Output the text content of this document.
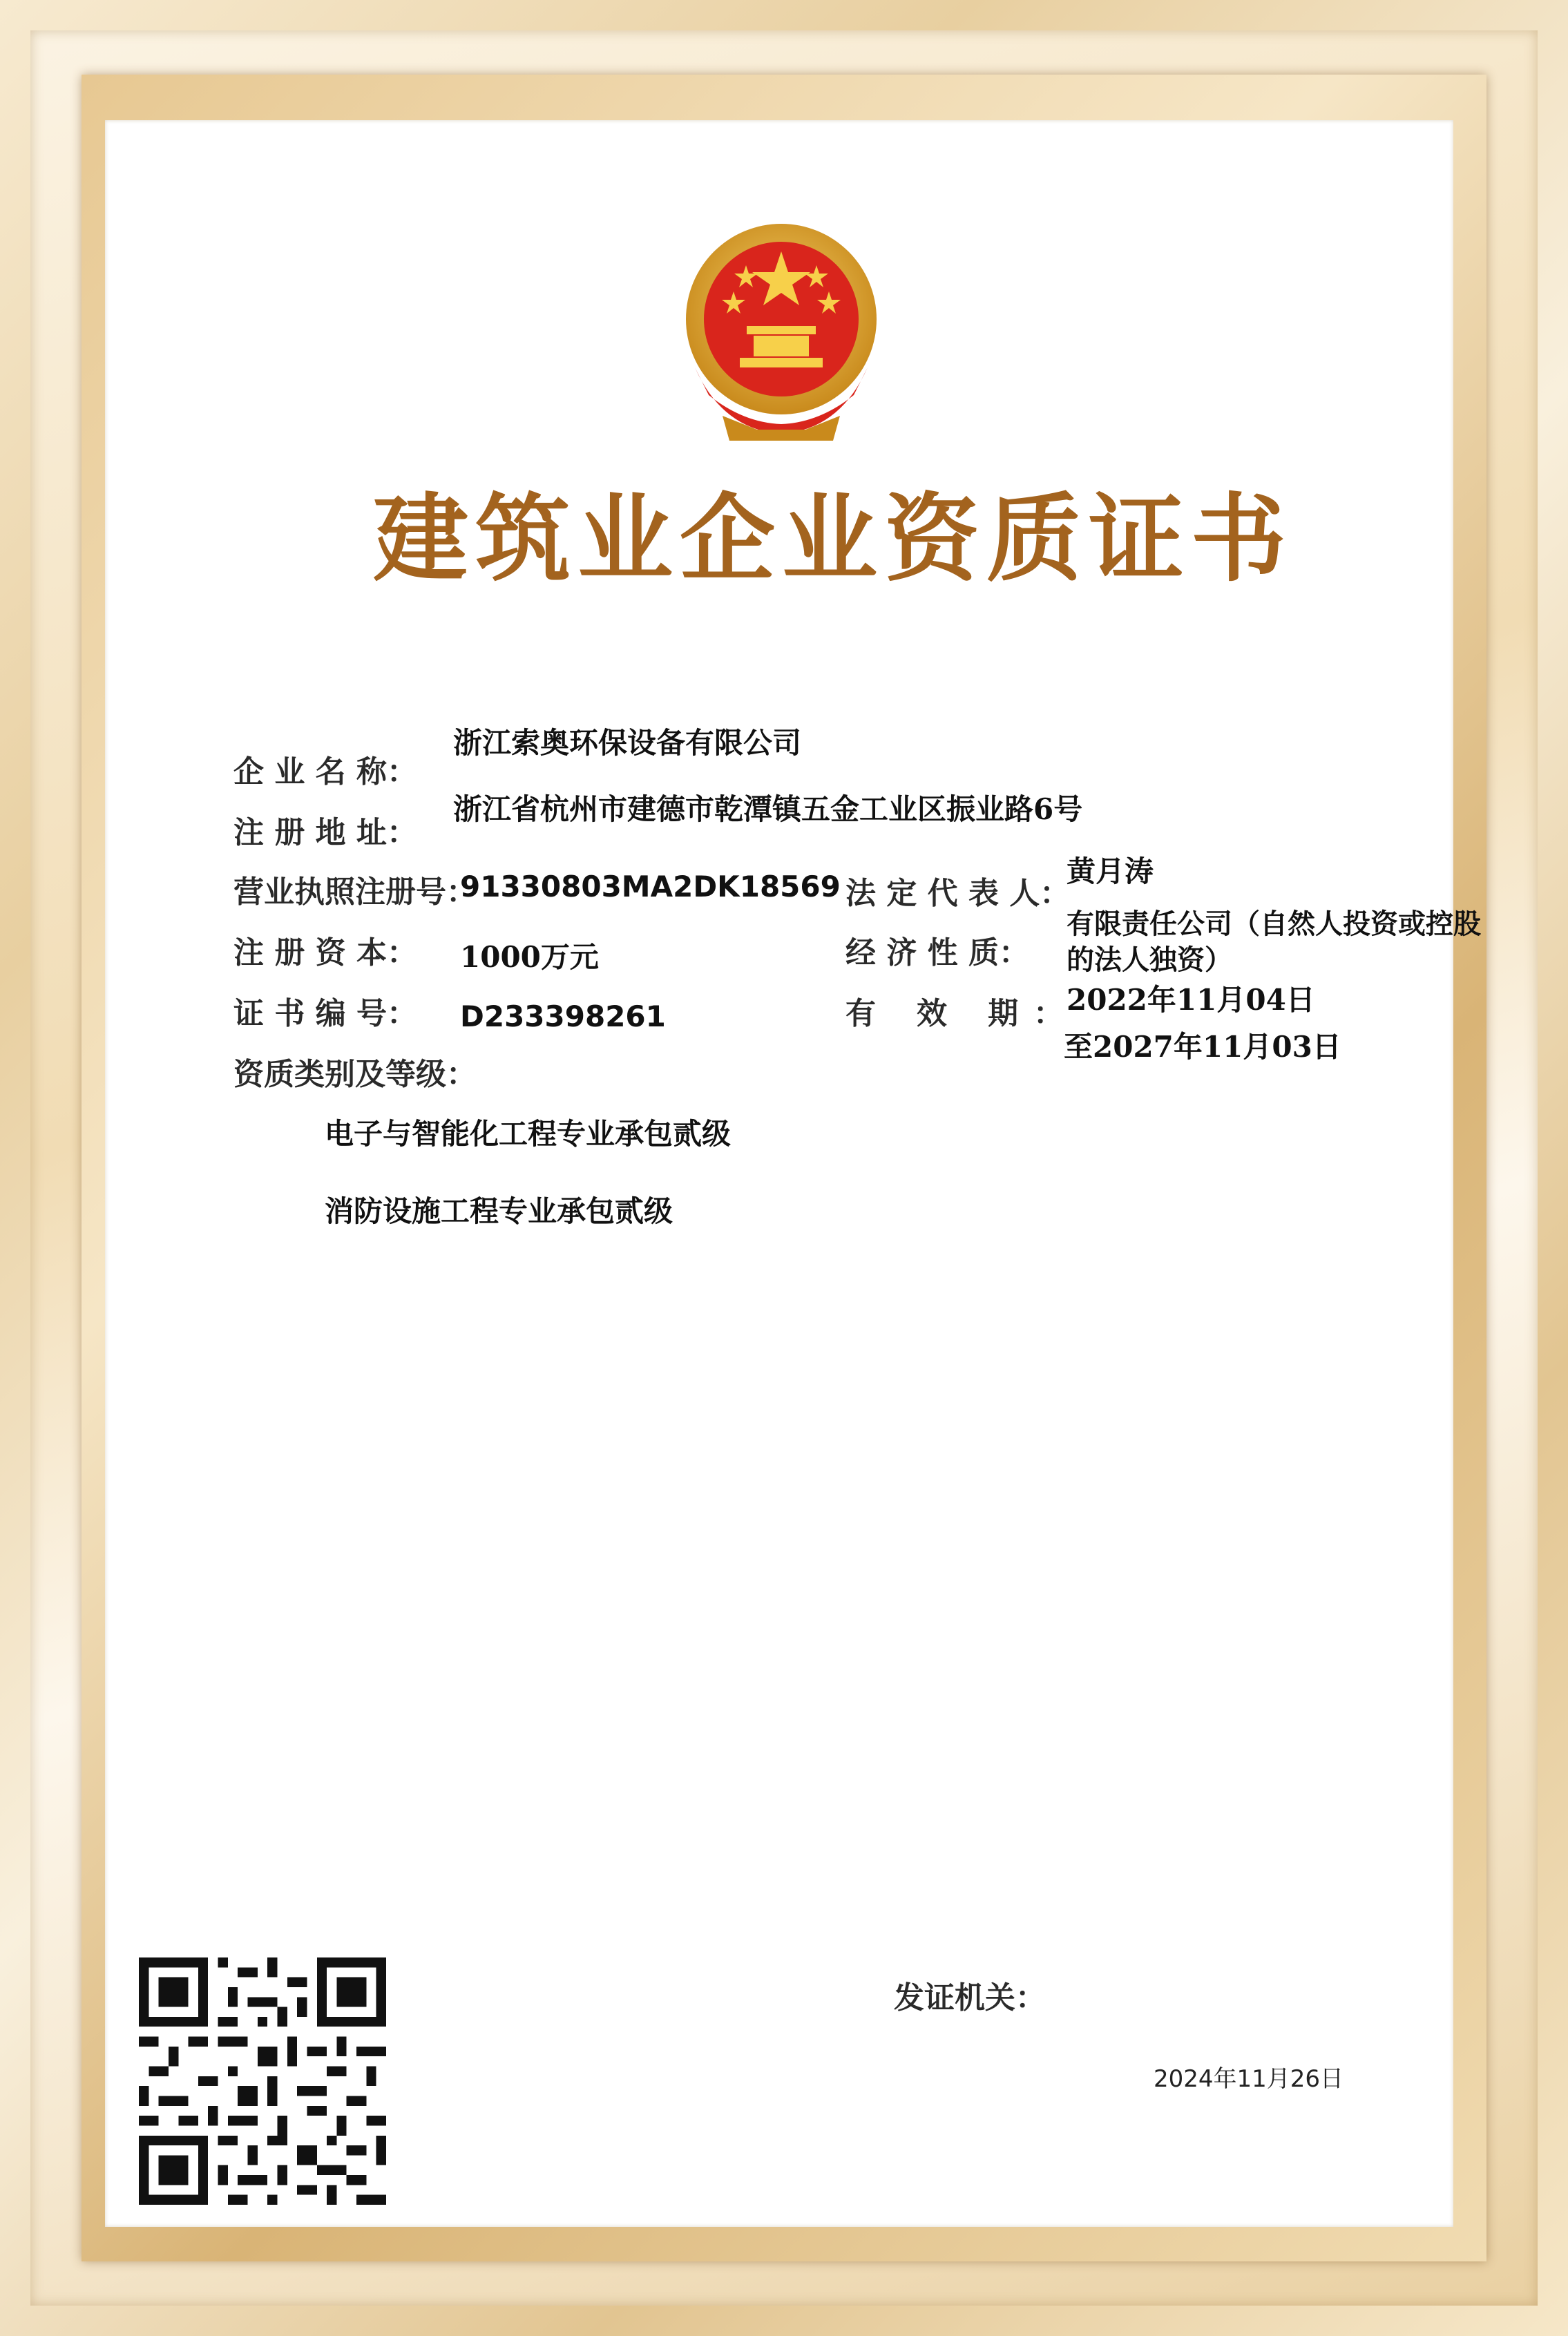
建筑业企业资质证书
企 业 名 称：
注 册 地 址：
营业执照注册号：
注 册 资 本：
证 书 编 号：
资质类别及等级：
浙江索奥环保设备有限公司
浙江省杭州市建德市乾潭镇五金工业区振业路6号
91330803MA2DK18569
1000万元
D233398261
法 定 代 表 人：
经 济 性 质：
有 效 期：
黄月涛
有限责任公司（自然人投资或控股
的法人独资）
2022年11月04日
至2027年11月03日
电子与智能化工程专业承包贰级
消防设施工程专业承包贰级
发证机关：
2024年11月26日
